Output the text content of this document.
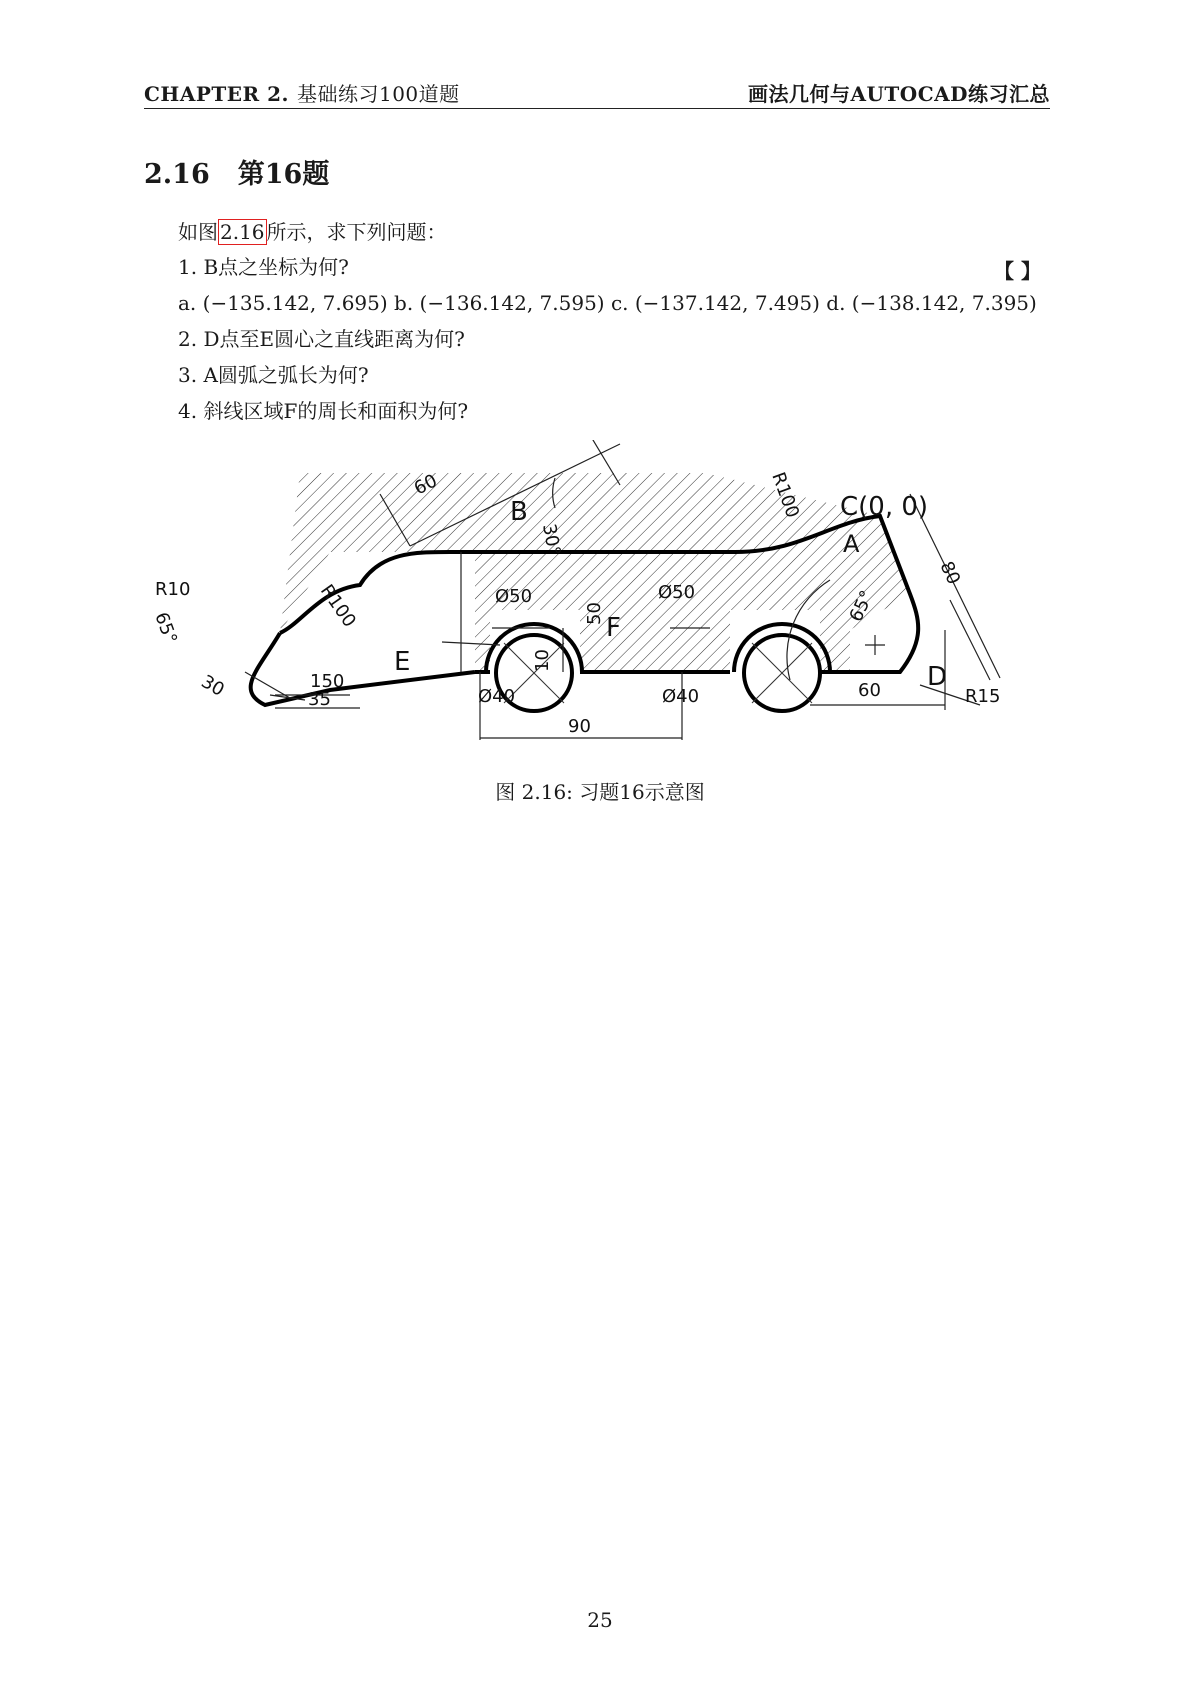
CHAPTER 2. 基础练习100道题	画法几何与AUTOCAD练习汇总
2.16 第16题
如图 2.16 所示，求下列问题：
1. B点之坐标为何?	【 】
a. (−135.142, 7.695) b. (−136.142, 7.595) c. (−137.142, 7.495) d. (−138.142, 7.395)
2. D点至E圆心之直线距离为何?
3. A圆弧之弧长为何?
4. 斜线区域F的周长和面积为何?
B	C(0, 0)
A
D
E
F
60
30°
R100
80
R10
65°	R100
30	150
35
Ø50	Ø50
50
10
Ø40	Ø40
90
65°
60	R15
图 2.16: 习题16示意图
25
